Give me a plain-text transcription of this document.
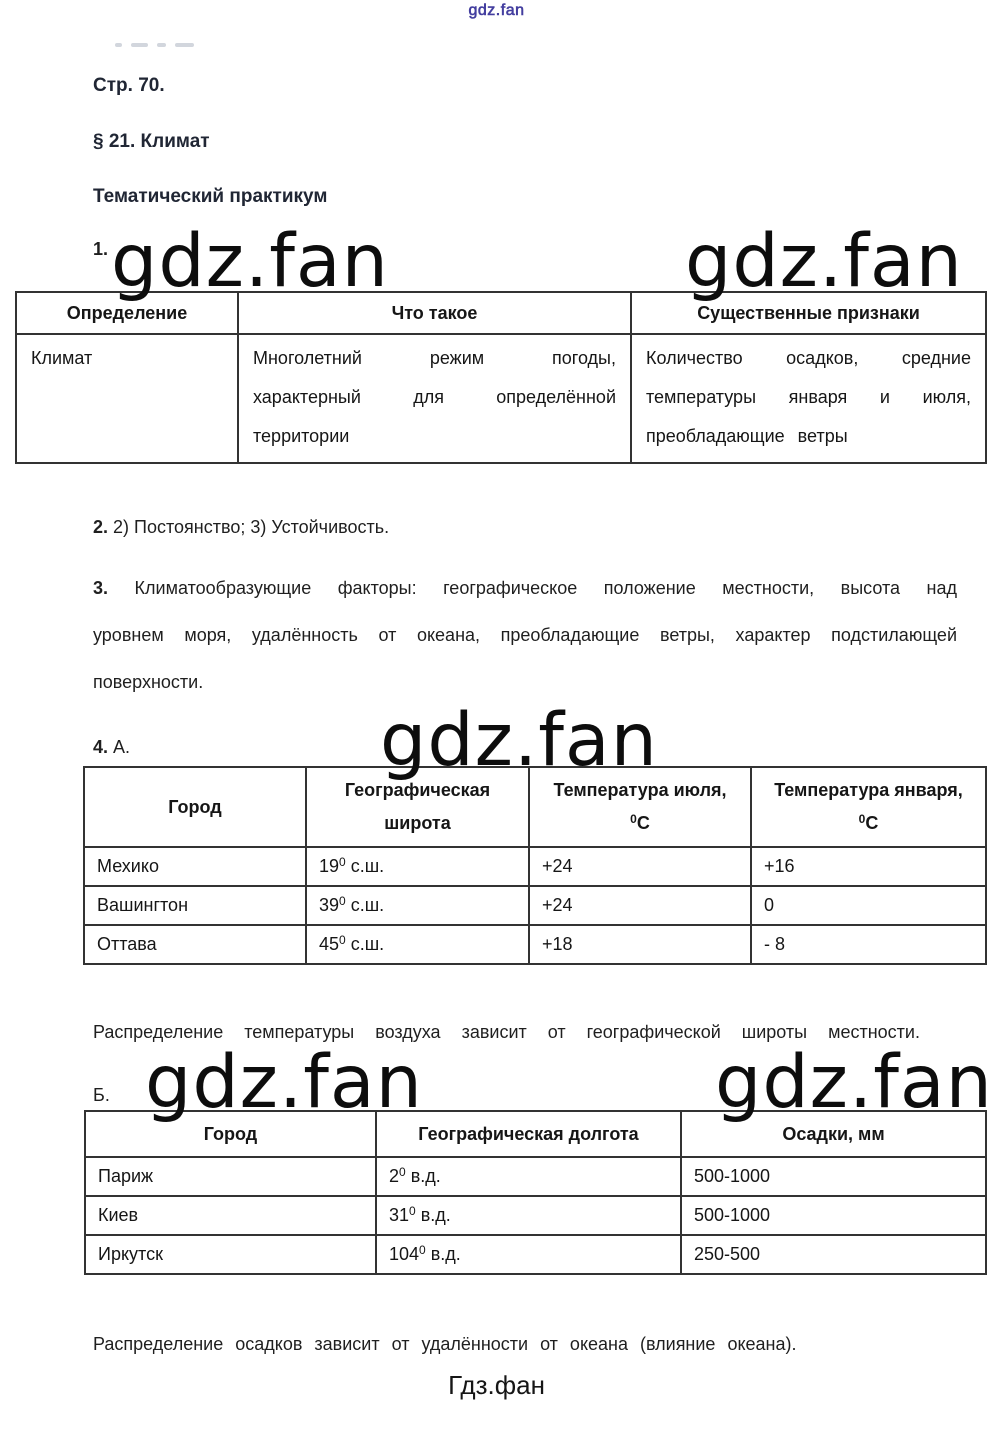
gdz.fan
Стр. 70.
§ 21. Климат
Тематический практикум
1. gdz.fan	gdz.fan
Определение	Что такое	Существенные признаки
Климат	Многолетний режим погоды, характерный для определённой территории	Количество осадков, средние температуры января и июля, преобладающие ветры
2. 2) Постоянство; 3) Устойчивость.
3. Климатообразующие факторы: географическое положение местности, высота над уровнем моря, удалённость от океана, преобладающие ветры, характер подстилающей поверхности.
4. А.	gdz.fan
Город	Географическая широта	Температура июля, $^0$С	Температура января, $^0$С
Мехико	$19^0$ с.ш.	+24	+16
Вашингтон	$39^0$ с.ш.	+24	0
Оттава	$45^0$ с.ш.	+18	- 8
Распределение температуры воздуха зависит от географической широты местности.
Б. gdz.fan	gdz.fan
Город	Географическая долгота	Осадки, мм
Париж	$2^0$ в.д.	500-1000
Киев	$31^0$ в.д.	500-1000
Иркутск	$104^0$ в.д.	250-500
Распределение осадков зависит от удалённости от океана (влияние океана).
Гдз.фан
